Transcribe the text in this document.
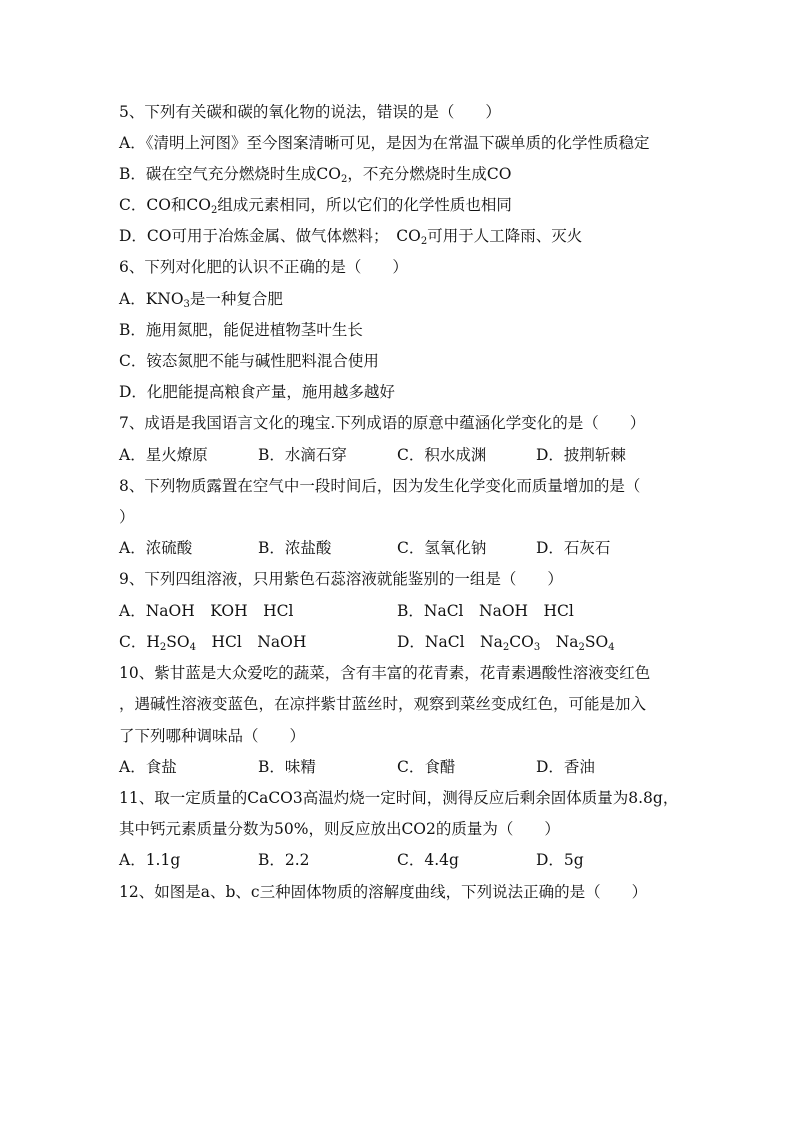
5、下列有关碳和碳的氧化物的说法，错误的是（　　）
A．《清明上河图》至今图案清晰可见，是因为在常温下碳单质的化学性质稳定
B．碳在空气充分燃烧时生成$CO_2$，不充分燃烧时生成CO
C．CO和$CO_2$组成元素相同，所以它们的化学性质也相同
D．CO可用于冶炼金属、做气体燃料；　$CO_2$可用于人工降雨、灭火
6、下列对化肥的认识不正确的是（　　）
A．$KNO_3$是一种复合肥
B．施用氮肥，能促进植物茎叶生长
C．铵态氮肥不能与碱性肥料混合使用
D．化肥能提高粮食产量，施用越多越好
7、成语是我国语言文化的瑰宝.下列成语的原意中蕴涵化学变化的是（　　）
A．星火燎原	B．水滴石穿	C．积水成渊	D．披荆斩棘
8、下列物质露置在空气中一段时间后，因为发生化学变化而质量增加的是（
）
A．浓硫酸	B．浓盐酸	C．氢氧化钠	D．石灰石
9、下列四组溶液，只用紫色石蕊溶液就能鉴别的一组是（　　）
A．NaOH　KOH　HCl	B．NaCl　NaOH　HCl
C．$H_2SO_4$　HCl　NaOH	D．NaCl　$Na_2CO_3$　$Na_2SO_4$
10、紫甘蓝是大众爱吃的蔬菜，含有丰富的花青素，花青素遇酸性溶液变红色
，遇碱性溶液变蓝色，在凉拌紫甘蓝丝时，观察到菜丝变成红色，可能是加入
了下列哪种调味品（　　）
A．食盐	B．味精	C．食醋	D．香油
11、取一定质量的CaCO3高温灼烧一定时间，测得反应后剩余固体质量为8.8g，
其中钙元素质量分数为50%，则反应放出CO2的质量为（　　）
A．1.1g	B．2.2	C．4.4g	D．5g
12、如图是a、b、c三种固体物质的溶解度曲线，下列说法正确的是（　　）
